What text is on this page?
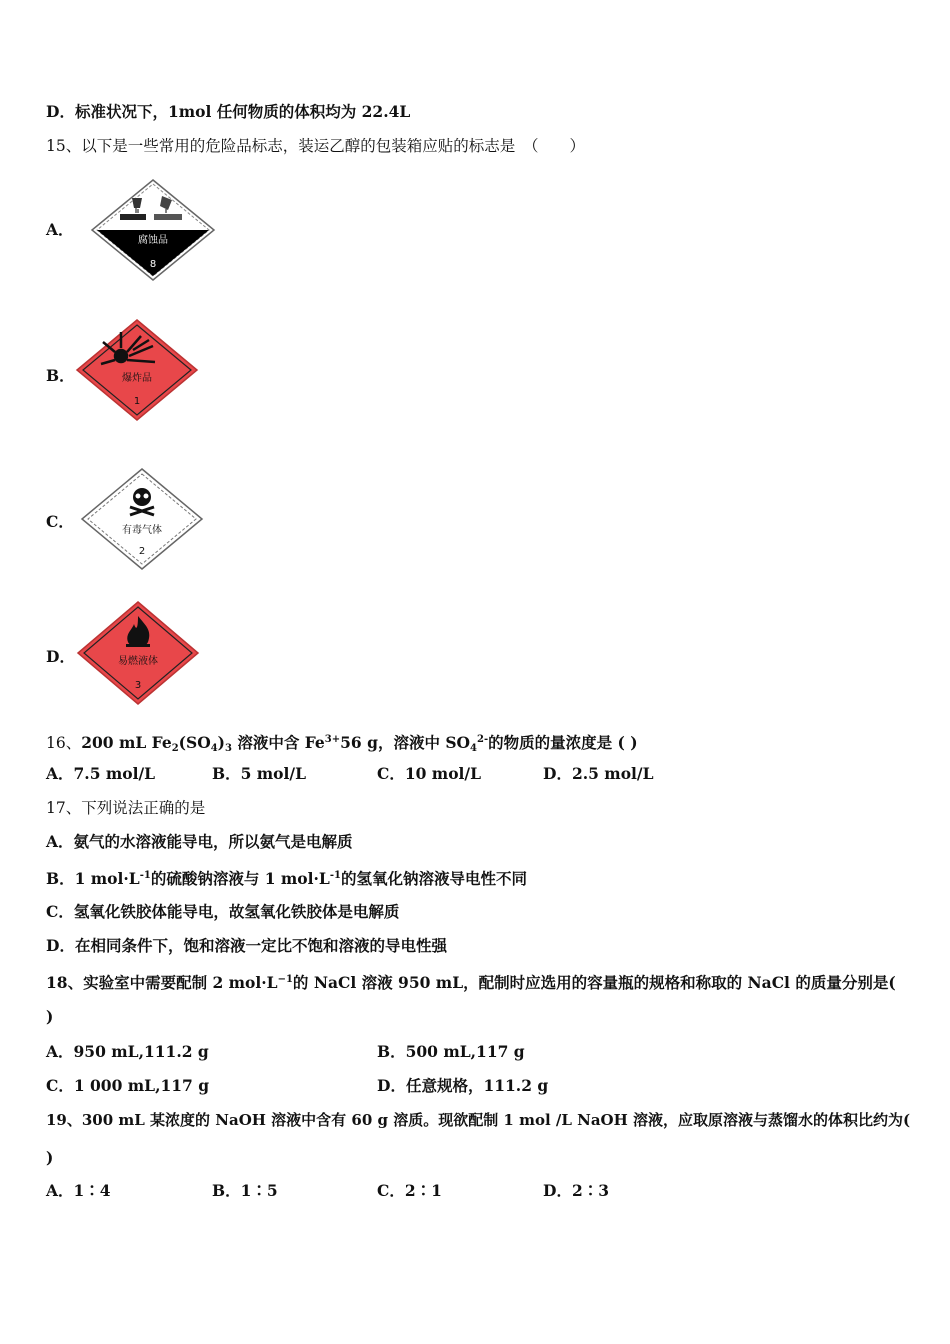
D．标准状况下，1mol 任何物质的体积均为 22.4L
15、以下是一些常用的危险品标志，装运乙醇的包装箱应贴的标志是　（　　）
A．
腐蚀品
8
B．	爆炸品
1
C．	有毒气体
2
D．	易燃液体
3
16、200 mL $Fe_2(SO_4)_3$ 溶液中含 $Fe^{3+}56$ g，溶液中 $SO_4^{2-}$的物质的量浓度是 ( )
A．7.5 mol/L	B．5 mol/L	C．10 mol/L	D．2.5 mol/L
17、下列说法正确的是
A．氨气的水溶液能导电，所以氨气是电解质
B．1 $mol\cdot L^{-1}$的硫酸钠溶液与 1 $mol\cdot L^{-1}$的氢氧化钠溶液导电性不同
C．氢氧化铁胶体能导电，故氢氧化铁胶体是电解质
D．在相同条件下，饱和溶液一定比不饱和溶液的导电性强
18、实验室中需要配制 2 $mol\cdot L^{-1}$的 NaCl 溶液 950 mL，配制时应选用的容量瓶的规格和称取的 NaCl 的质量分别是(
)
A．950 mL,111.2 g	B．500 mL,117 g
C．1 000 mL,117 g	D．任意规格，111.2 g
19、300 mL 某浓度的 NaOH 溶液中含有 60 g 溶质。现欲配制 1 mol /L NaOH 溶液，应取原溶液与蒸馏水的体积比约为(
)
A．1∶4	B．1∶5	C．2∶1	D．2∶3
